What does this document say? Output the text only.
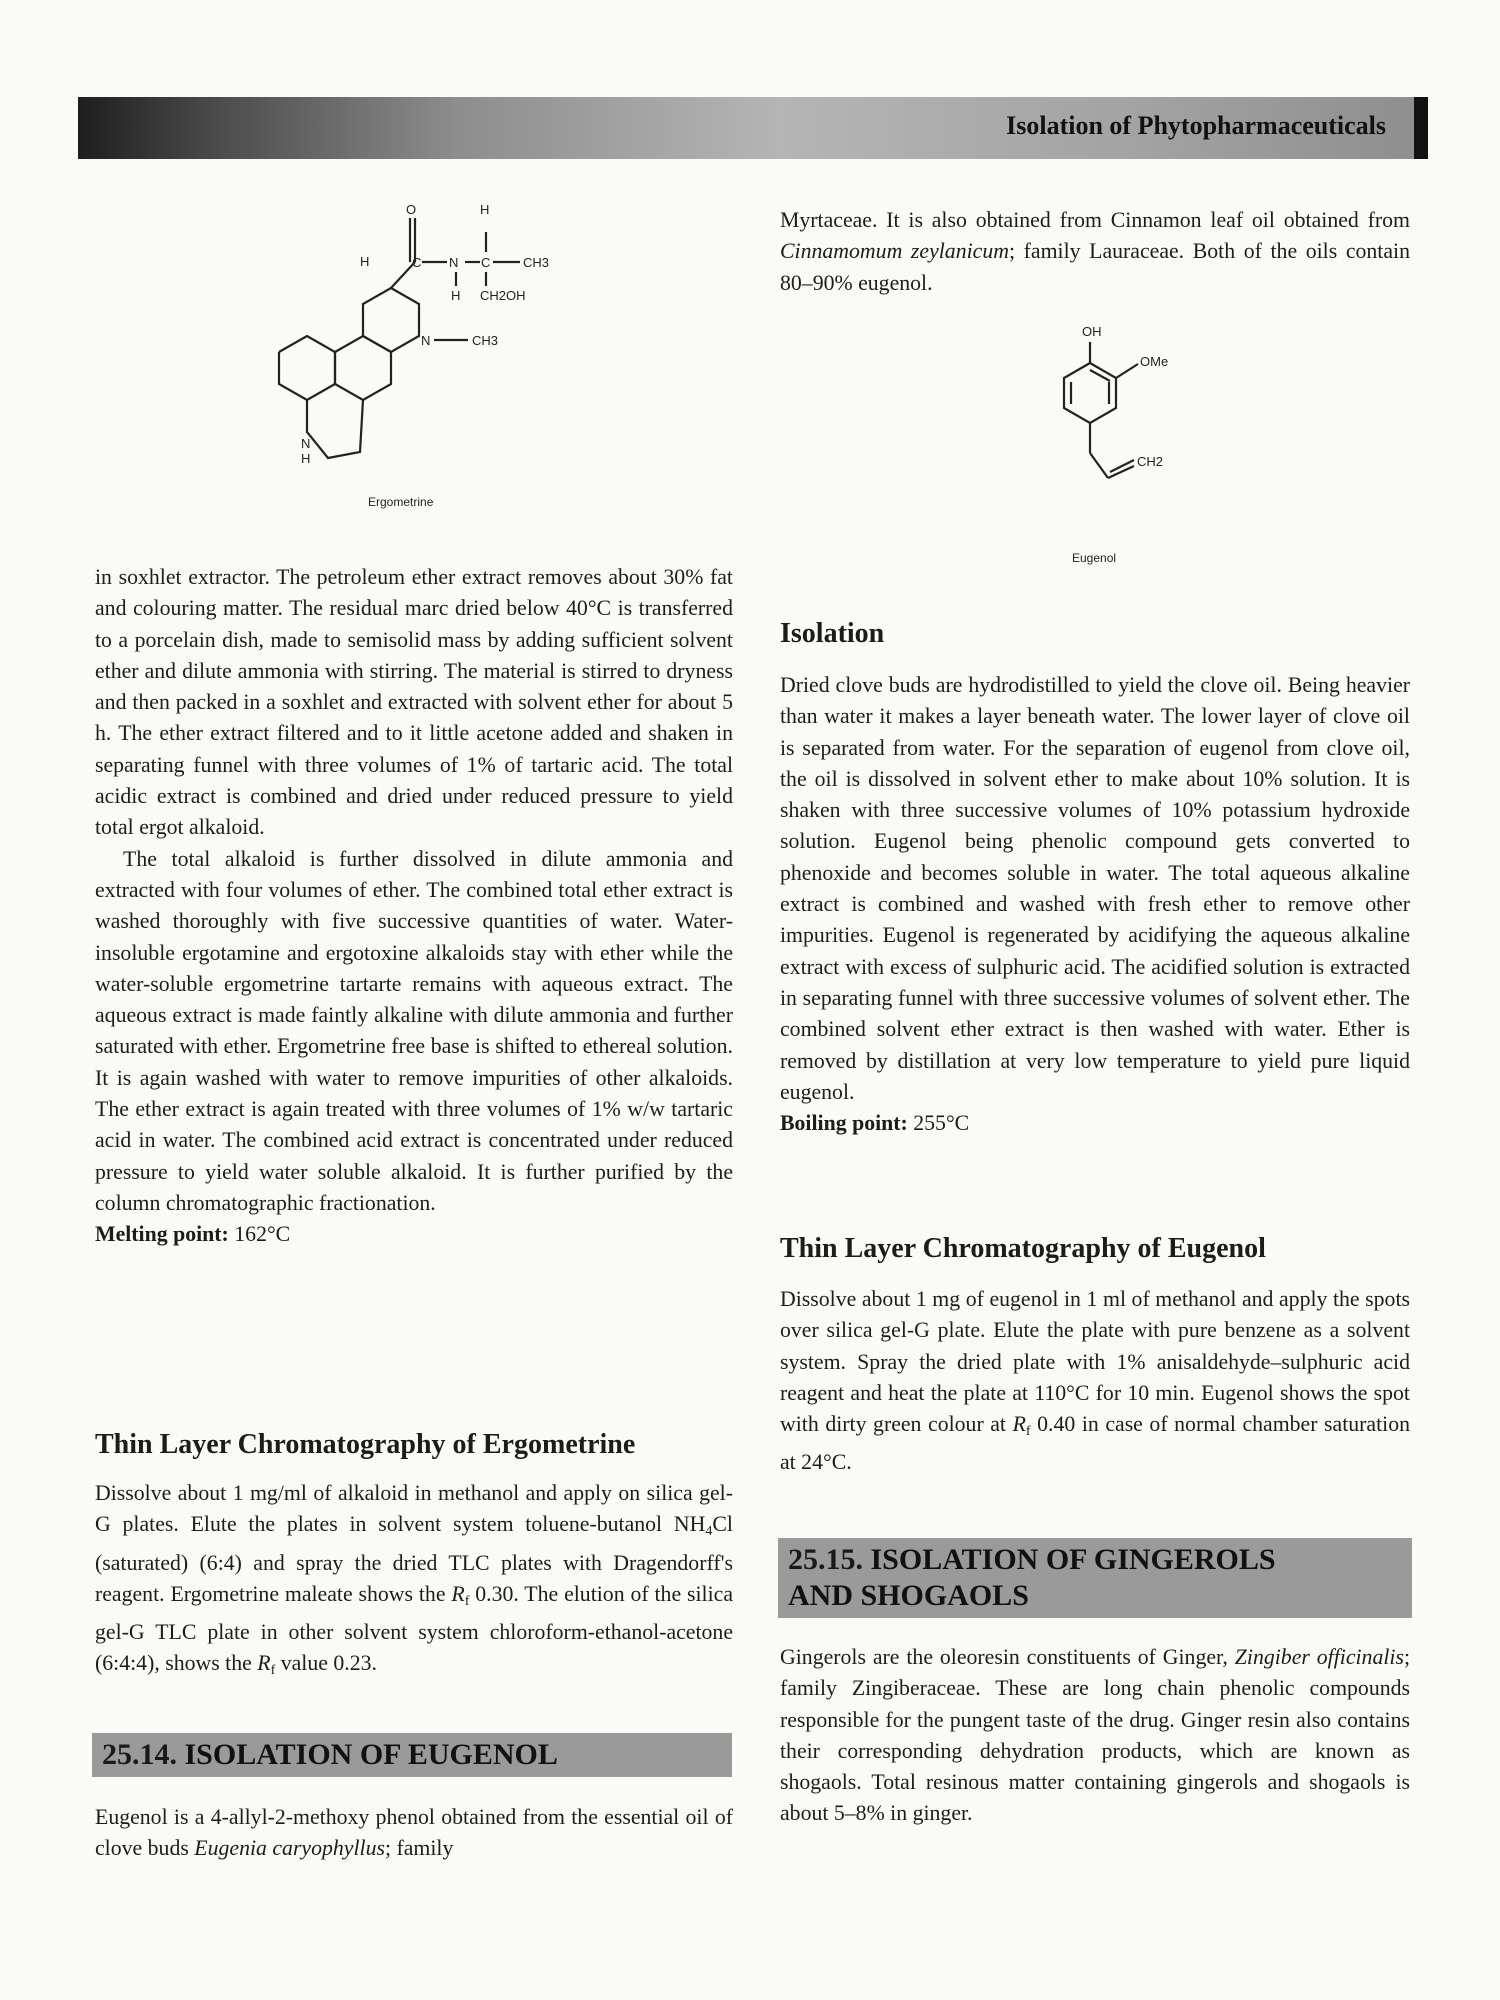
Isolation of Phytopharmaceuticals
O	H
H	C N C	CH3
H CH2OH
N	CH3
N
H
Ergometrine
OH
OMe
CH2
Eugenol

in soxhlet extractor. The petroleum ether extract removes about 30% fat and colouring matter. The residual marc dried below 40°C is transferred to a porcelain dish, made to semisolid mass by adding sufficient solvent ether and dilute ammonia with stirring. The material is stirred to dryness and then packed in a soxhlet and extracted with solvent ether for about 5 h. The ether extract filtered and to it little acetone added and shaken in separating funnel with three volumes of 1% of tartaric acid. The total acidic extract is combined and dried under reduced pressure to yield total ergot alkaloid.

The total alkaloid is further dissolved in dilute ammonia and extracted with four volumes of ether. The combined total ether extract is washed thoroughly with five successive quantities of water. Water-insoluble ergotamine and ergotoxine alkaloids stay with ether while the water-soluble ergometrine tartarte remains with aqueous extract. The aqueous extract is made faintly alkaline with dilute ammonia and further saturated with ether. Ergometrine free base is shifted to ethereal solution. It is again washed with water to remove impurities of other alkaloids. The ether extract is again treated with three volumes of 1% w/w tartaric acid in water. The combined acid extract is concentrated under reduced pressure to yield water soluble alkaloid. It is further purified by the column chromatographic fractionation.

Melting point: 162°C

Thin Layer Chromatography of Ergometrine

Dissolve about 1 mg/ml of alkaloid in methanol and apply on silica gel-G plates. Elute the plates in solvent system toluene-butanol $NH_4Cl$ (saturated) (6:4) and spray the dried TLC plates with Dragendorff's reagent. Ergometrine maleate shows the $R_f$ 0.30. The elution of the silica gel-G TLC plate in other solvent system chloroform-ethanol-acetone (6:4:4), shows the $R_f$ value 0.23.

25.14. ISOLATION OF EUGENOL

Eugenol is a 4-allyl-2-methoxy phenol obtained from the essential oil of clove buds Eugenia caryophyllus; family

Myrtaceae. It is also obtained from Cinnamon leaf oil obtained from Cinnamomum zeylanicum; family Lauraceae. Both of the oils contain 80–90% eugenol.

Isolation

Dried clove buds are hydrodistilled to yield the clove oil. Being heavier than water it makes a layer beneath water. The lower layer of clove oil is separated from water. For the separation of eugenol from clove oil, the oil is dissolved in solvent ether to make about 10% solution. It is shaken with three successive volumes of 10% potassium hydroxide solution. Eugenol being phenolic compound gets converted to phenoxide and becomes soluble in water. The total aqueous alkaline extract is combined and washed with fresh ether to remove other impurities. Eugenol is regenerated by acidifying the aqueous alkaline extract with excess of sulphuric acid. The acidified solution is extracted in separating funnel with three successive volumes of solvent ether. The combined solvent ether extract is then washed with water. Ether is removed by distillation at very low temperature to yield pure liquid eugenol.

Boiling point: 255°C

Thin Layer Chromatography of Eugenol

Dissolve about 1 mg of eugenol in 1 ml of methanol and apply the spots over silica gel-G plate. Elute the plate with pure benzene as a solvent system. Spray the dried plate with 1% anisaldehyde–sulphuric acid reagent and heat the plate at 110°C for 10 min. Eugenol shows the spot with dirty green colour at $R_f$ 0.40 in case of normal chamber saturation at 24°C.

25.15. ISOLATION OF GINGEROLS
AND SHOGAOLS

Gingerols are the oleoresin constituents of Ginger, Zingiber officinalis; family Zingiberaceae. These are long chain phenolic compounds responsible for the pungent taste of the drug. Ginger resin also contains their corresponding dehydration products, which are known as shogaols. Total resinous matter containing gingerols and shogaols is about 5–8% in ginger.
